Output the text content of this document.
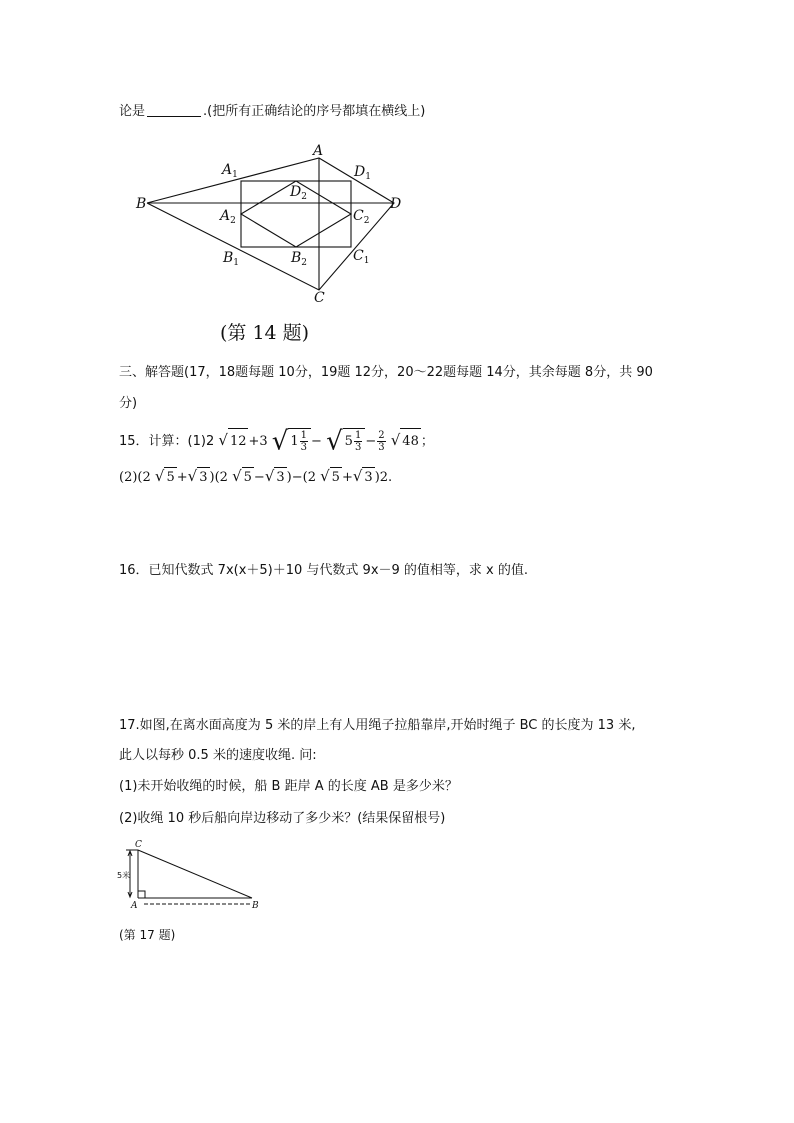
论是	.(把所有正确结论的序号都填在横线上)
A
B	D
C
$A_1$	$D_1$
$D_2$
$A_2$	$C_2$
$B_1$	$B_2$	$C_1$
(第 14 题)
三、解答题(17，18题每题 10分，19题 12分，20～22题每题 14分，其余每题 8分，共 90
分)
15．计算：(1)2 √ 12 +3 √ $1 \frac{1}{3}$ − √ $5 \frac{1}{3} - \frac{2}{3}$ √ 48 ；
(2)(2 √ 5 +√ 3 )(2 √ 5 −√ 3 )−(2 √ 5 +√ 3 )2.
16．已知代数式 7x(x＋5)＋10 与代数式 9x－9 的值相等，求 x 的值.
17.如图,在离水面高度为 5 米的岸上有人用绳子拉船靠岸,开始时绳子 BC 的长度为 13 米,
此人以每秒 0.5 米的速度收绳. 问:
(1)未开始收绳的时候，船 B 距岸 A 的长度 AB 是多少米？
(2)收绳 10 秒后船向岸边移动了多少米？(结果保留根号)
C
A	B
5米
(第 17 题)
